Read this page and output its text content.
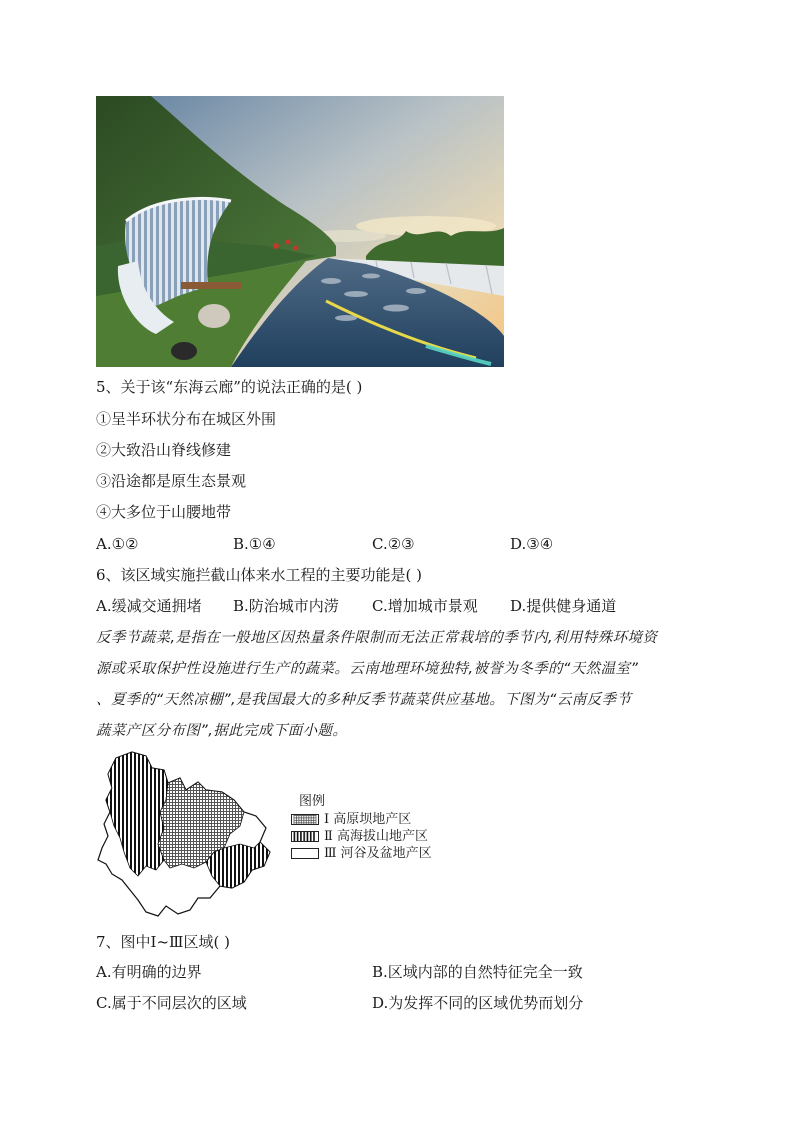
5、关于该“东海云廊”的说法正确的是( )
①呈半环状分布在城区外围
②大致沿山脊线修建
③沿途都是原生态景观
④大多位于山腰地带
A.①②	B.①④	C.②③	D.③④
6、该区域实施拦截山体来水工程的主要功能是( )
A.缓减交通拥堵 B.防治城市内涝 C.增加城市景观 D.提供健身通道
反季节蔬菜,是指在一般地区因热量条件限制而无法正常栽培的季节内,利用特殊环境资
源或采取保护性设施进行生产的蔬菜。云南地理环境独特,被誉为冬季的“天然温室”
、夏季的“天然凉棚”,是我国最大的多种反季节蔬菜供应基地。下图为“云南反季节
蔬菜产区分布图”,据此完成下面小题。
图例
Ⅰ 高原坝地产区
Ⅱ 高海拔山地产区
Ⅲ 河谷及盆地产区
7、图中Ⅰ~Ⅲ区域( )
A.有明确的边界	B.区域内部的自然特征完全一致
C.属于不同层次的区域	D.为发挥不同的区域优势而划分
